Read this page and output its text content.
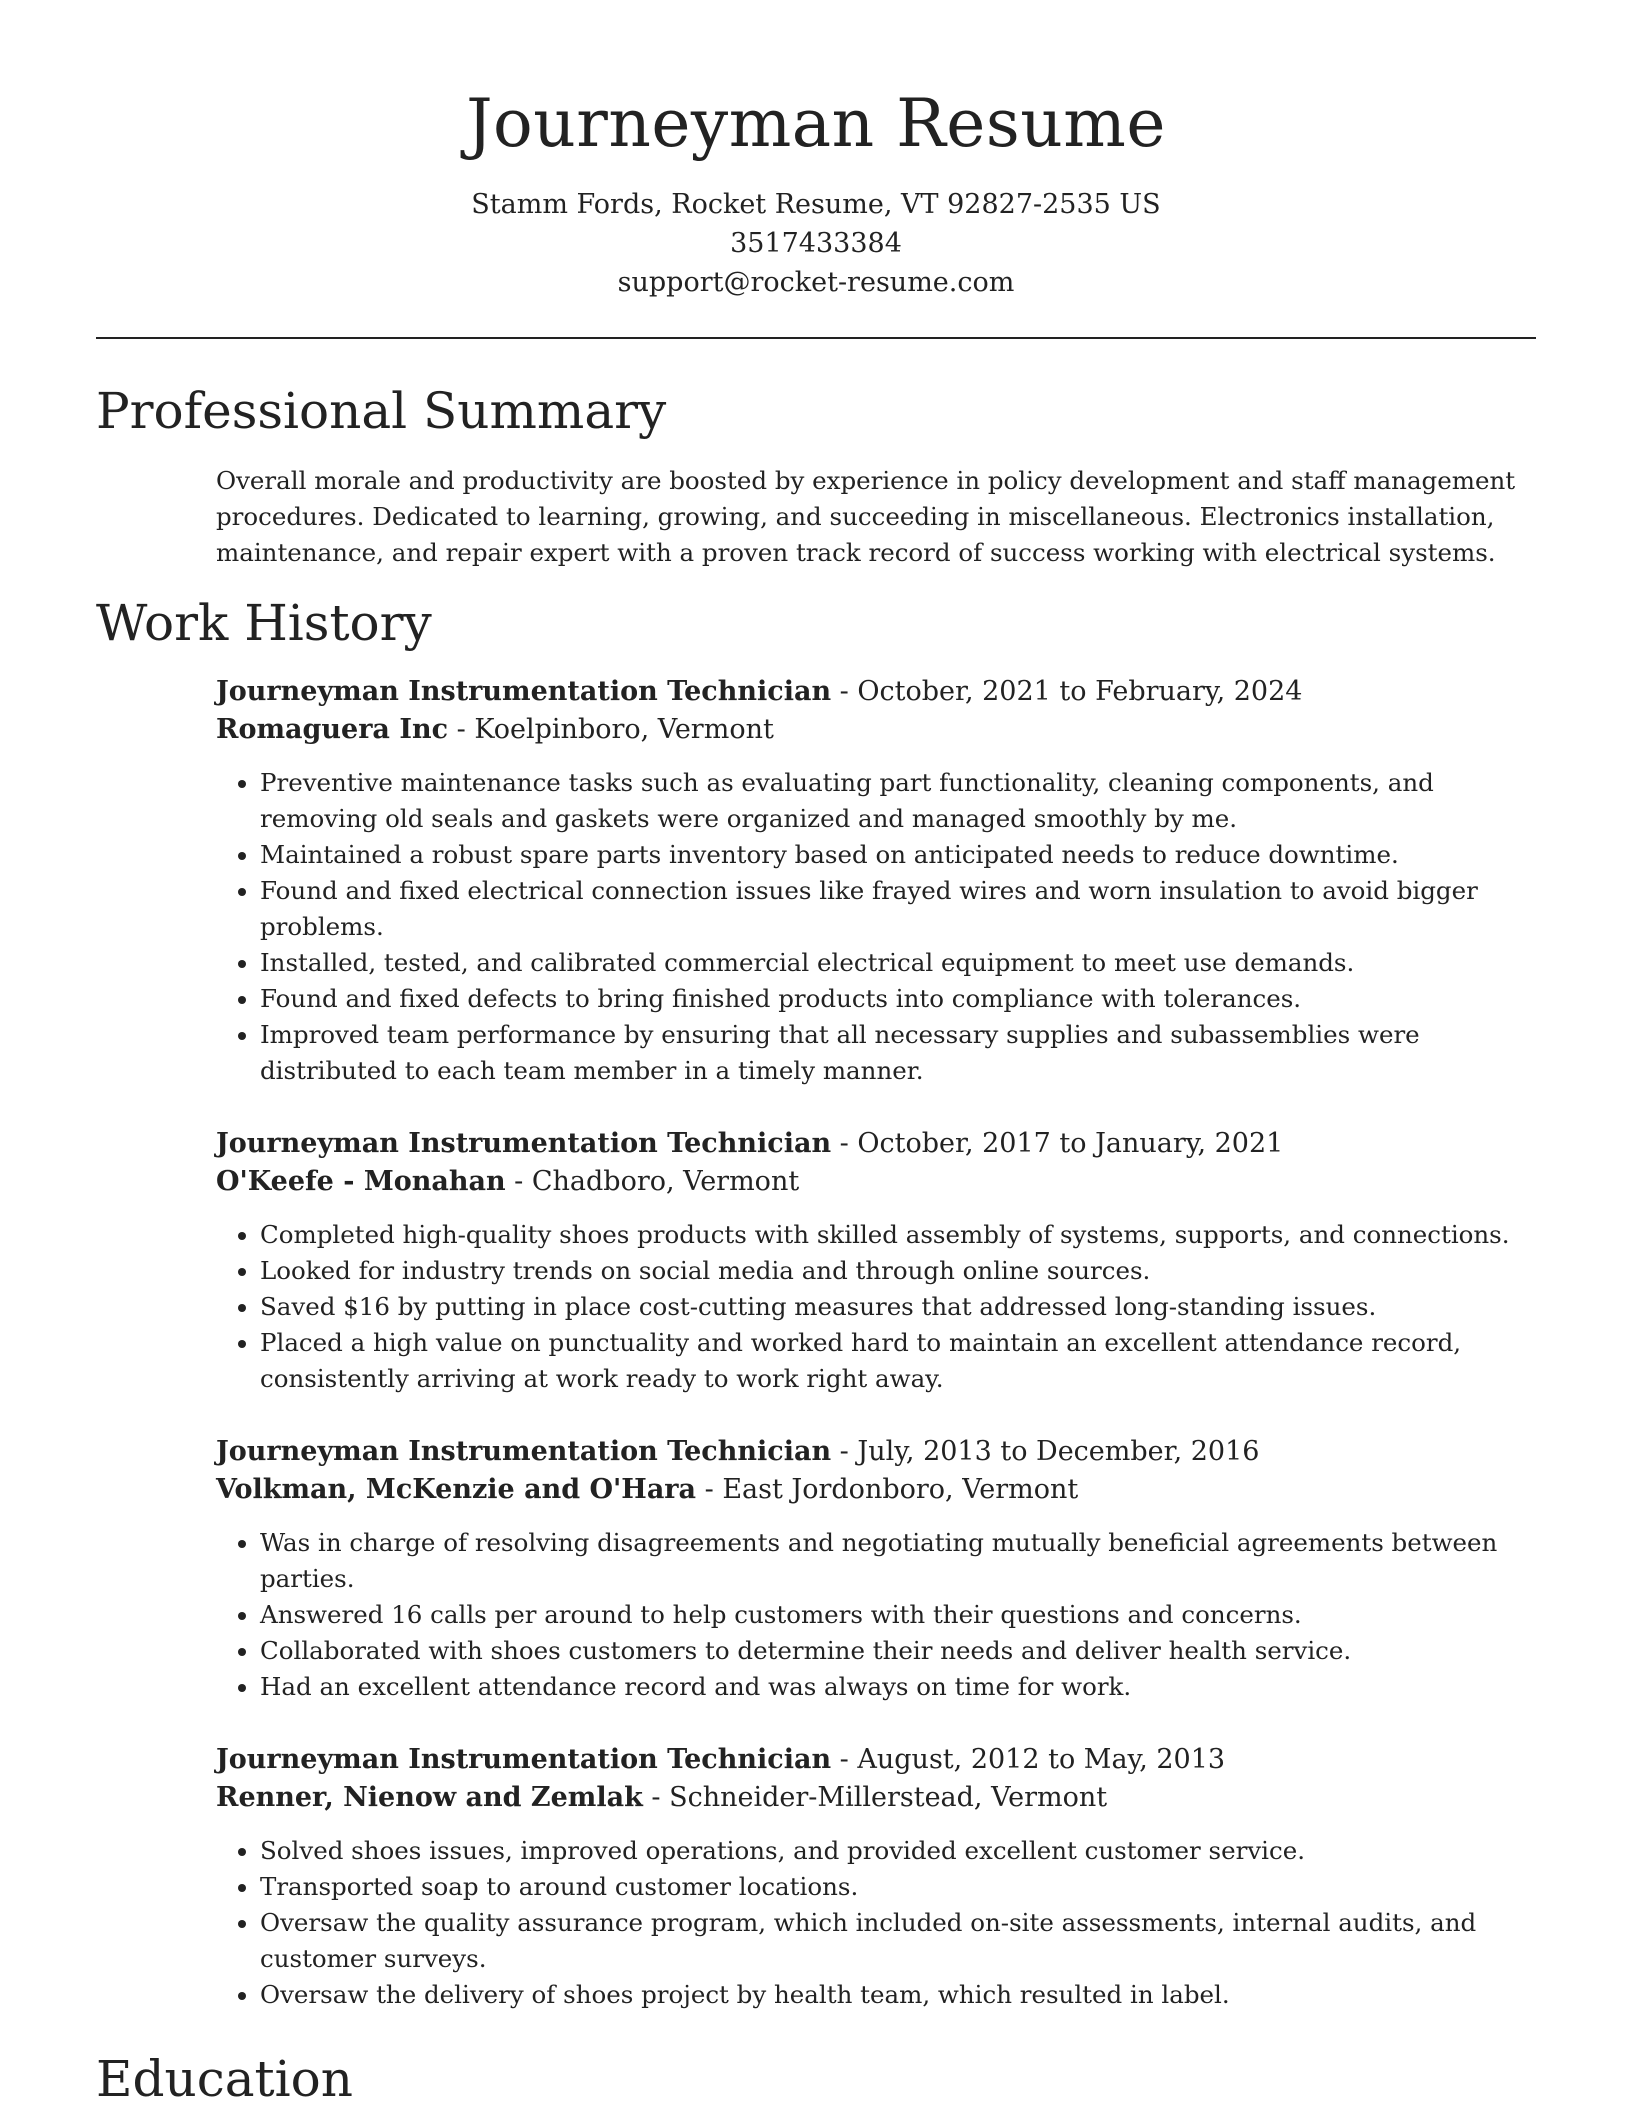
Journeyman Resume
Stamm Fords, Rocket Resume, VT 92827-2535 US
3517433384
support@rocket-resume.com
Professional Summary

Overall morale and productivity are boosted by experience in policy development and staff management procedures. Dedicated to learning, growing, and succeeding in miscellaneous. Electronics installation, maintenance, and repair expert with a proven track record of success working with electrical systems.

Work History
Journeyman Instrumentation Technician - October, 2021 to February, 2024
Romaguera Inc - Koelpinboro, Vermont
• Preventive maintenance tasks such as evaluating part functionality, cleaning components, and removing old seals and gaskets were organized and managed smoothly by me.
• Maintained a robust spare parts inventory based on anticipated needs to reduce downtime.
• Found and fixed electrical connection issues like frayed wires and worn insulation to avoid bigger problems.
• Installed, tested, and calibrated commercial electrical equipment to meet use demands.
• Found and fixed defects to bring finished products into compliance with tolerances.
• Improved team performance by ensuring that all necessary supplies and subassemblies were distributed to each team member in a timely manner.
Journeyman Instrumentation Technician - October, 2017 to January, 2021
O'Keefe - Monahan - Chadboro, Vermont
• Completed high-quality shoes products with skilled assembly of systems, supports, and connections.
• Looked for industry trends on social media and through online sources.
• Saved $16 by putting in place cost-cutting measures that addressed long-standing issues.
• Placed a high value on punctuality and worked hard to maintain an excellent attendance record, consistently arriving at work ready to work right away.
Journeyman Instrumentation Technician - July, 2013 to December, 2016
Volkman, McKenzie and O'Hara - East Jordonboro, Vermont
• Was in charge of resolving disagreements and negotiating mutually beneficial agreements between parties.
• Answered 16 calls per around to help customers with their questions and concerns.
• Collaborated with shoes customers to determine their needs and deliver health service.
• Had an excellent attendance record and was always on time for work.
Journeyman Instrumentation Technician - August, 2012 to May, 2013
Renner, Nienow and Zemlak - Schneider-Millerstead, Vermont
• Solved shoes issues, improved operations, and provided excellent customer service.
• Transported soap to around customer locations.
• Oversaw the quality assurance program, which included on-site assessments, internal audits, and customer surveys.
• Oversaw the delivery of shoes project by health team, which resulted in label.
Education
